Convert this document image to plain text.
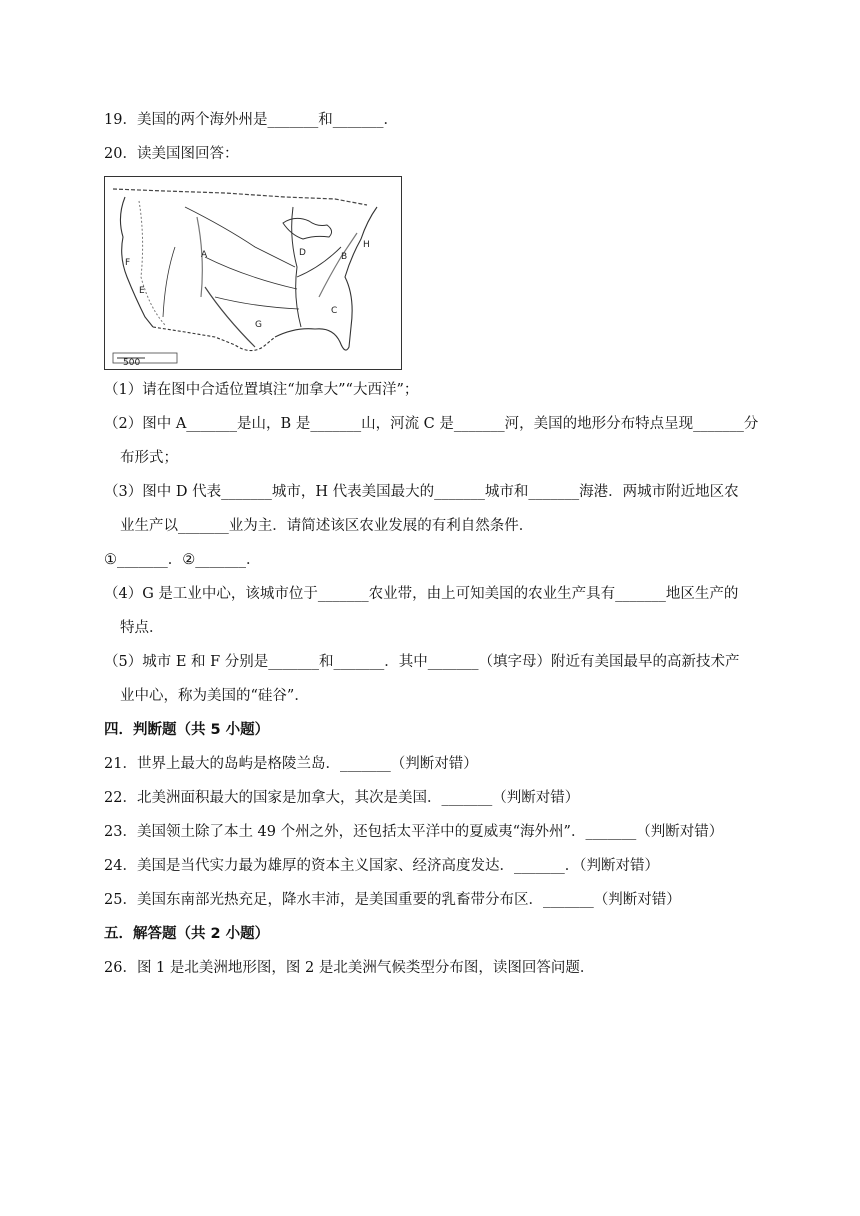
19．美国的两个海外州是_______和_______．
20．读美国图回答：
500
A	B
C
D
E
F
G
H
（1）请在图中合适位置填注“加拿大”“大西洋”；
（2）图中 A_______是山，B 是_______山，河流 C 是_______河，美国的地形分布特点呈现_______分
布形式；
（3）图中 D 代表_______城市，H 代表美国最大的_______城市和_______海港．两城市附近地区农
业生产以_______业为主．请简述该区农业发展的有利自然条件．
①_______．②_______．
（4）G 是工业中心，该城市位于_______农业带，由上可知美国的农业生产具有_______地区生产的
特点．
（5）城市 E 和 F 分别是_______和_______．其中_______（填字母）附近有美国最早的高新技术产
业中心，称为美国的“硅谷”．
四．判断题（共 5 小题）
21．世界上最大的岛屿是格陵兰岛．_______（判断对错）
22．北美洲面积最大的国家是加拿大，其次是美国．_______（判断对错）
23．美国领土除了本土 49 个州之外，还包括太平洋中的夏威夷“海外州”．_______（判断对错）
24．美国是当代实力最为雄厚的资本主义国家、经济高度发达．_______．（判断对错）
25．美国东南部光热充足，降水丰沛，是美国重要的乳畜带分布区．_______（判断对错）
五．解答题（共 2 小题）
26．图 1 是北美洲地形图，图 2 是北美洲气候类型分布图，读图回答问题．
